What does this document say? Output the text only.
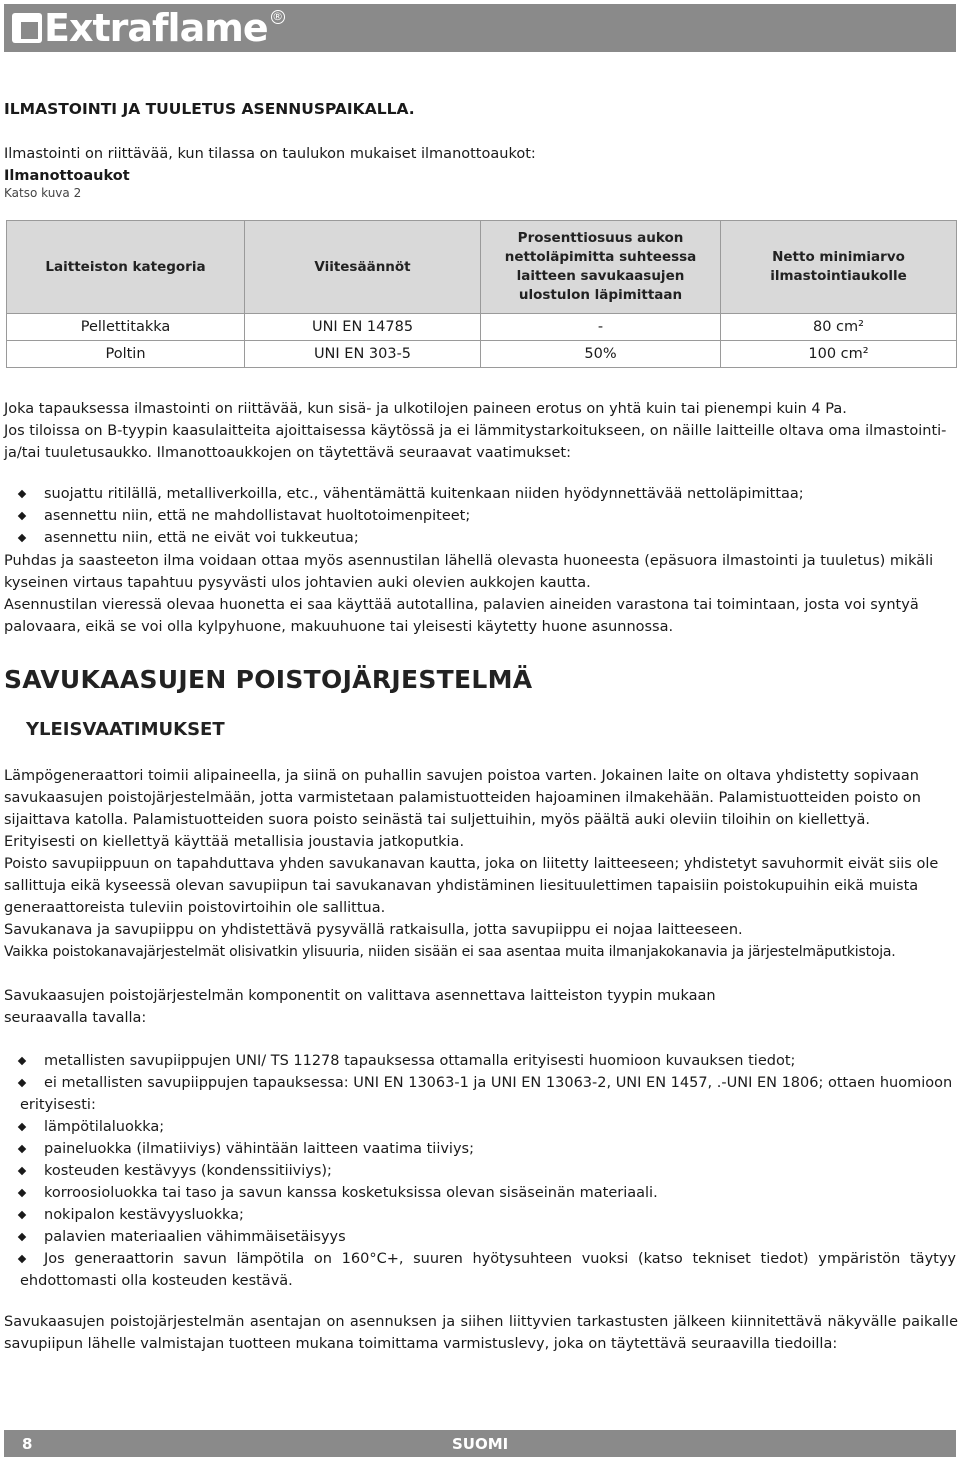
Extraflame ®
ILMASTOINTI JA TUULETUS ASENNUSPAIKALLA.

Ilmastointi on riittävää, kun tilassa on taulukon mukaiset ilmanottoaukot:

Ilmanottoaukot

Katso kuva 2
Laitteiston kategoria	Viitesäännöt	Prosenttiosuus aukon nettoläpimitta suhteessa laitteen savukaasujen ulostulon läpimittaan	Netto minimiarvo ilmastointiaukolle
Pellettitakka	UNI EN 14785	-	80 cm²
Poltin	UNI EN 303-5	50%	100 cm²

Joka tapauksessa ilmastointi on riittävää, kun sisä- ja ulkotilojen paineen erotus on yhtä kuin tai pienempi kuin 4 Pa.

Jos tiloissa on B-tyypin kaasulaitteita ajoittaisessa käytössä ja ei lämmitystarkoitukseen, on näille laitteille oltava oma ilmastointi-ja/tai tuuletusaukko. Ilmanottoaukkojen on täytettävä seuraavat vaatimukset:

suojattu ritilällä, metalliverkoilla, etc., vähentämättä kuitenkaan niiden hyödynnettävää nettoläpimittaa;
asennettu niin, että ne mahdollistavat huoltotoimenpiteet;
asennettu niin, että ne eivät voi tukkeutua;

Puhdas ja saasteeton ilma voidaan ottaa myös asennustilan lähellä olevasta huoneesta (epäsuora ilmastointi ja tuuletus) mikäli kyseinen virtaus tapahtuu pysyvästi ulos johtavien auki olevien aukkojen kautta.

Asennustilan vieressä olevaa huonetta ei saa käyttää autotallina, palavien aineiden varastona tai toimintaan, josta voi syntyä palovaara, eikä se voi olla kylpyhuone, makuuhuone tai yleisesti käytetty huone asunnossa.

SAVUKAASUJEN POISTOJÄRJESTELMÄ
YLEISVAATIMUKSET

Lämpögeneraattori toimii alipaineella, ja siinä on puhallin savujen poistoa varten. Jokainen laite on oltava yhdistetty sopivaan savukaasujen poistojärjestelmään, jotta varmistetaan palamistuotteiden hajoaminen ilmakehään. Palamistuotteiden poisto on sijaittava katolla. Palamistuotteiden suora poisto seinästä tai suljettuihin, myös päältä auki oleviin tiloihin on kiellettyä.

Erityisesti on kiellettyä käyttää metallisia joustavia jatkoputkia.

Poisto savupiippuun on tapahduttava yhden savukanavan kautta, joka on liitetty laitteeseen; yhdistetyt savuhormit eivät siis ole sallittuja eikä kyseessä olevan savupiipun tai savukanavan yhdistäminen liesituulettimen tapaisiin poistokupuihin eikä muista generaattoreista tuleviin poistovirtoihin ole sallittua.

Savukanava ja savupiippu on yhdistettävä pysyvällä ratkaisulla, jotta savupiippu ei nojaa laitteeseen.

Vaikka poistokanavajärjestelmät olisivatkin ylisuuria, niiden sisään ei saa asentaa muita ilmanjakokanavia ja järjestelmäputkistoja.

Savukaasujen poistojärjestelmän komponentit on valittava asennettava laitteiston tyypin mukaan seuraavalla tavalla:
metallisten savupiippujen UNI/ TS 11278 tapauksessa ottamalla erityisesti huomioon kuvauksen tiedot;
ei metallisten savupiippujen tapauksessa: UNI EN 13063-1 ja UNI EN 13063-2, UNI EN 1457, .-UNI EN 1806; ottaen huomioon erityisesti:
lämpötilaluokka;
paineluokka (ilmatiiviys) vähintään laitteen vaatima tiiviys;
kosteuden kestävyys (kondenssitiiviys);
korroosioluokka tai taso ja savun kanssa kosketuksissa olevan sisäseinän materiaali.
nokipalon kestävyysluokka;
palavien materiaalien vähimmäisetäisyys
Jos generaattorin savun lämpötila on 160°C+, suuren hyötysuhteen vuoksi (katso tekniset tiedot) ympäristön täytyy ehdottomasti olla kosteuden kestävä.
Savukaasujen poistojärjestelmän asentajan on asennuksen ja siihen liittyvien tarkastusten jälkeen kiinnitettävä näkyvälle paikalle savupiipun lähelle valmistajan tuotteen mukana toimittama varmistuslevy, joka on täytettävä seuraavilla tiedoilla:
8	SUOMI
